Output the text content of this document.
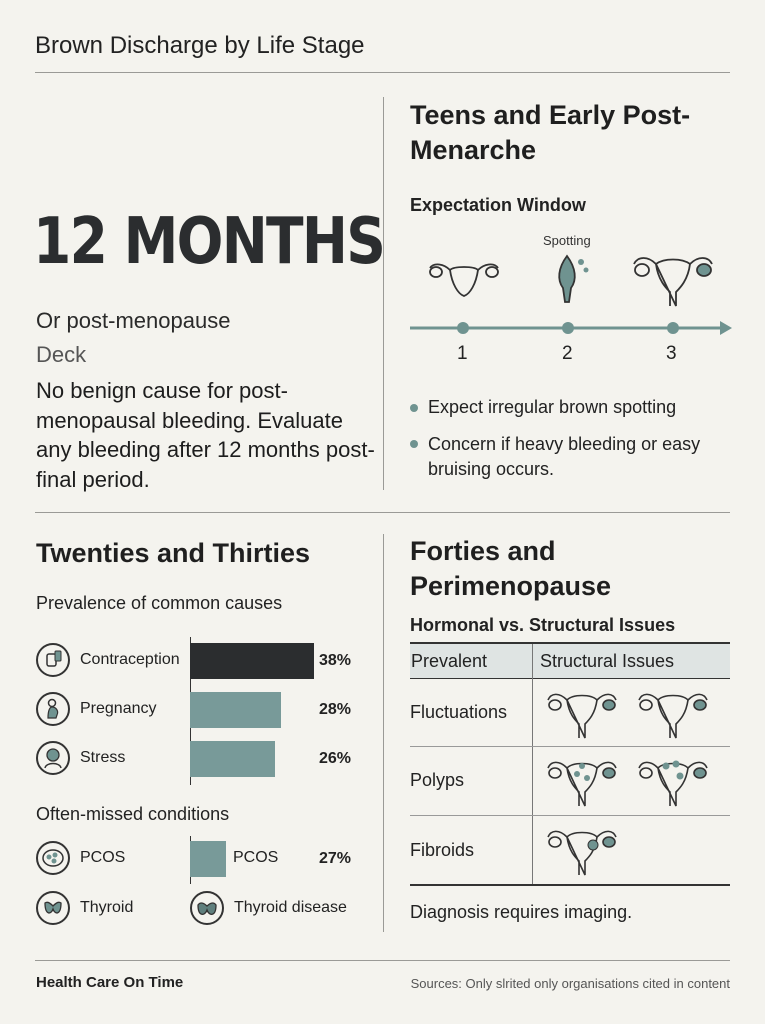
Brown Discharge by Life Stage
12 MONTHS
Or post-menopause
Deck
No benign cause for post-menopausal bleeding. Evaluate any bleeding after 12 months post-final period.
Teens and Early Post-Menarche
Expectation Window
Spotting
1	2	3
Expect irregular brown spotting
Concern if heavy bleeding or easy bruising occurs.
Twenties and Thirties
Prevalence of common causes
Contraception	38%
Pregnancy	28%
Stress	26%
Often-missed conditions
PCOS	PCOS	27%
Thyroid	Thyroid disease
Forties and Perimenopause
Hormonal vs. Structural Issues
Prevalent	Structural Issues
Fluctuations
Polyps
Fibroids
Diagnosis requires imaging.
Health Care On Time	Sources: Only slrited only organisations cited in content
